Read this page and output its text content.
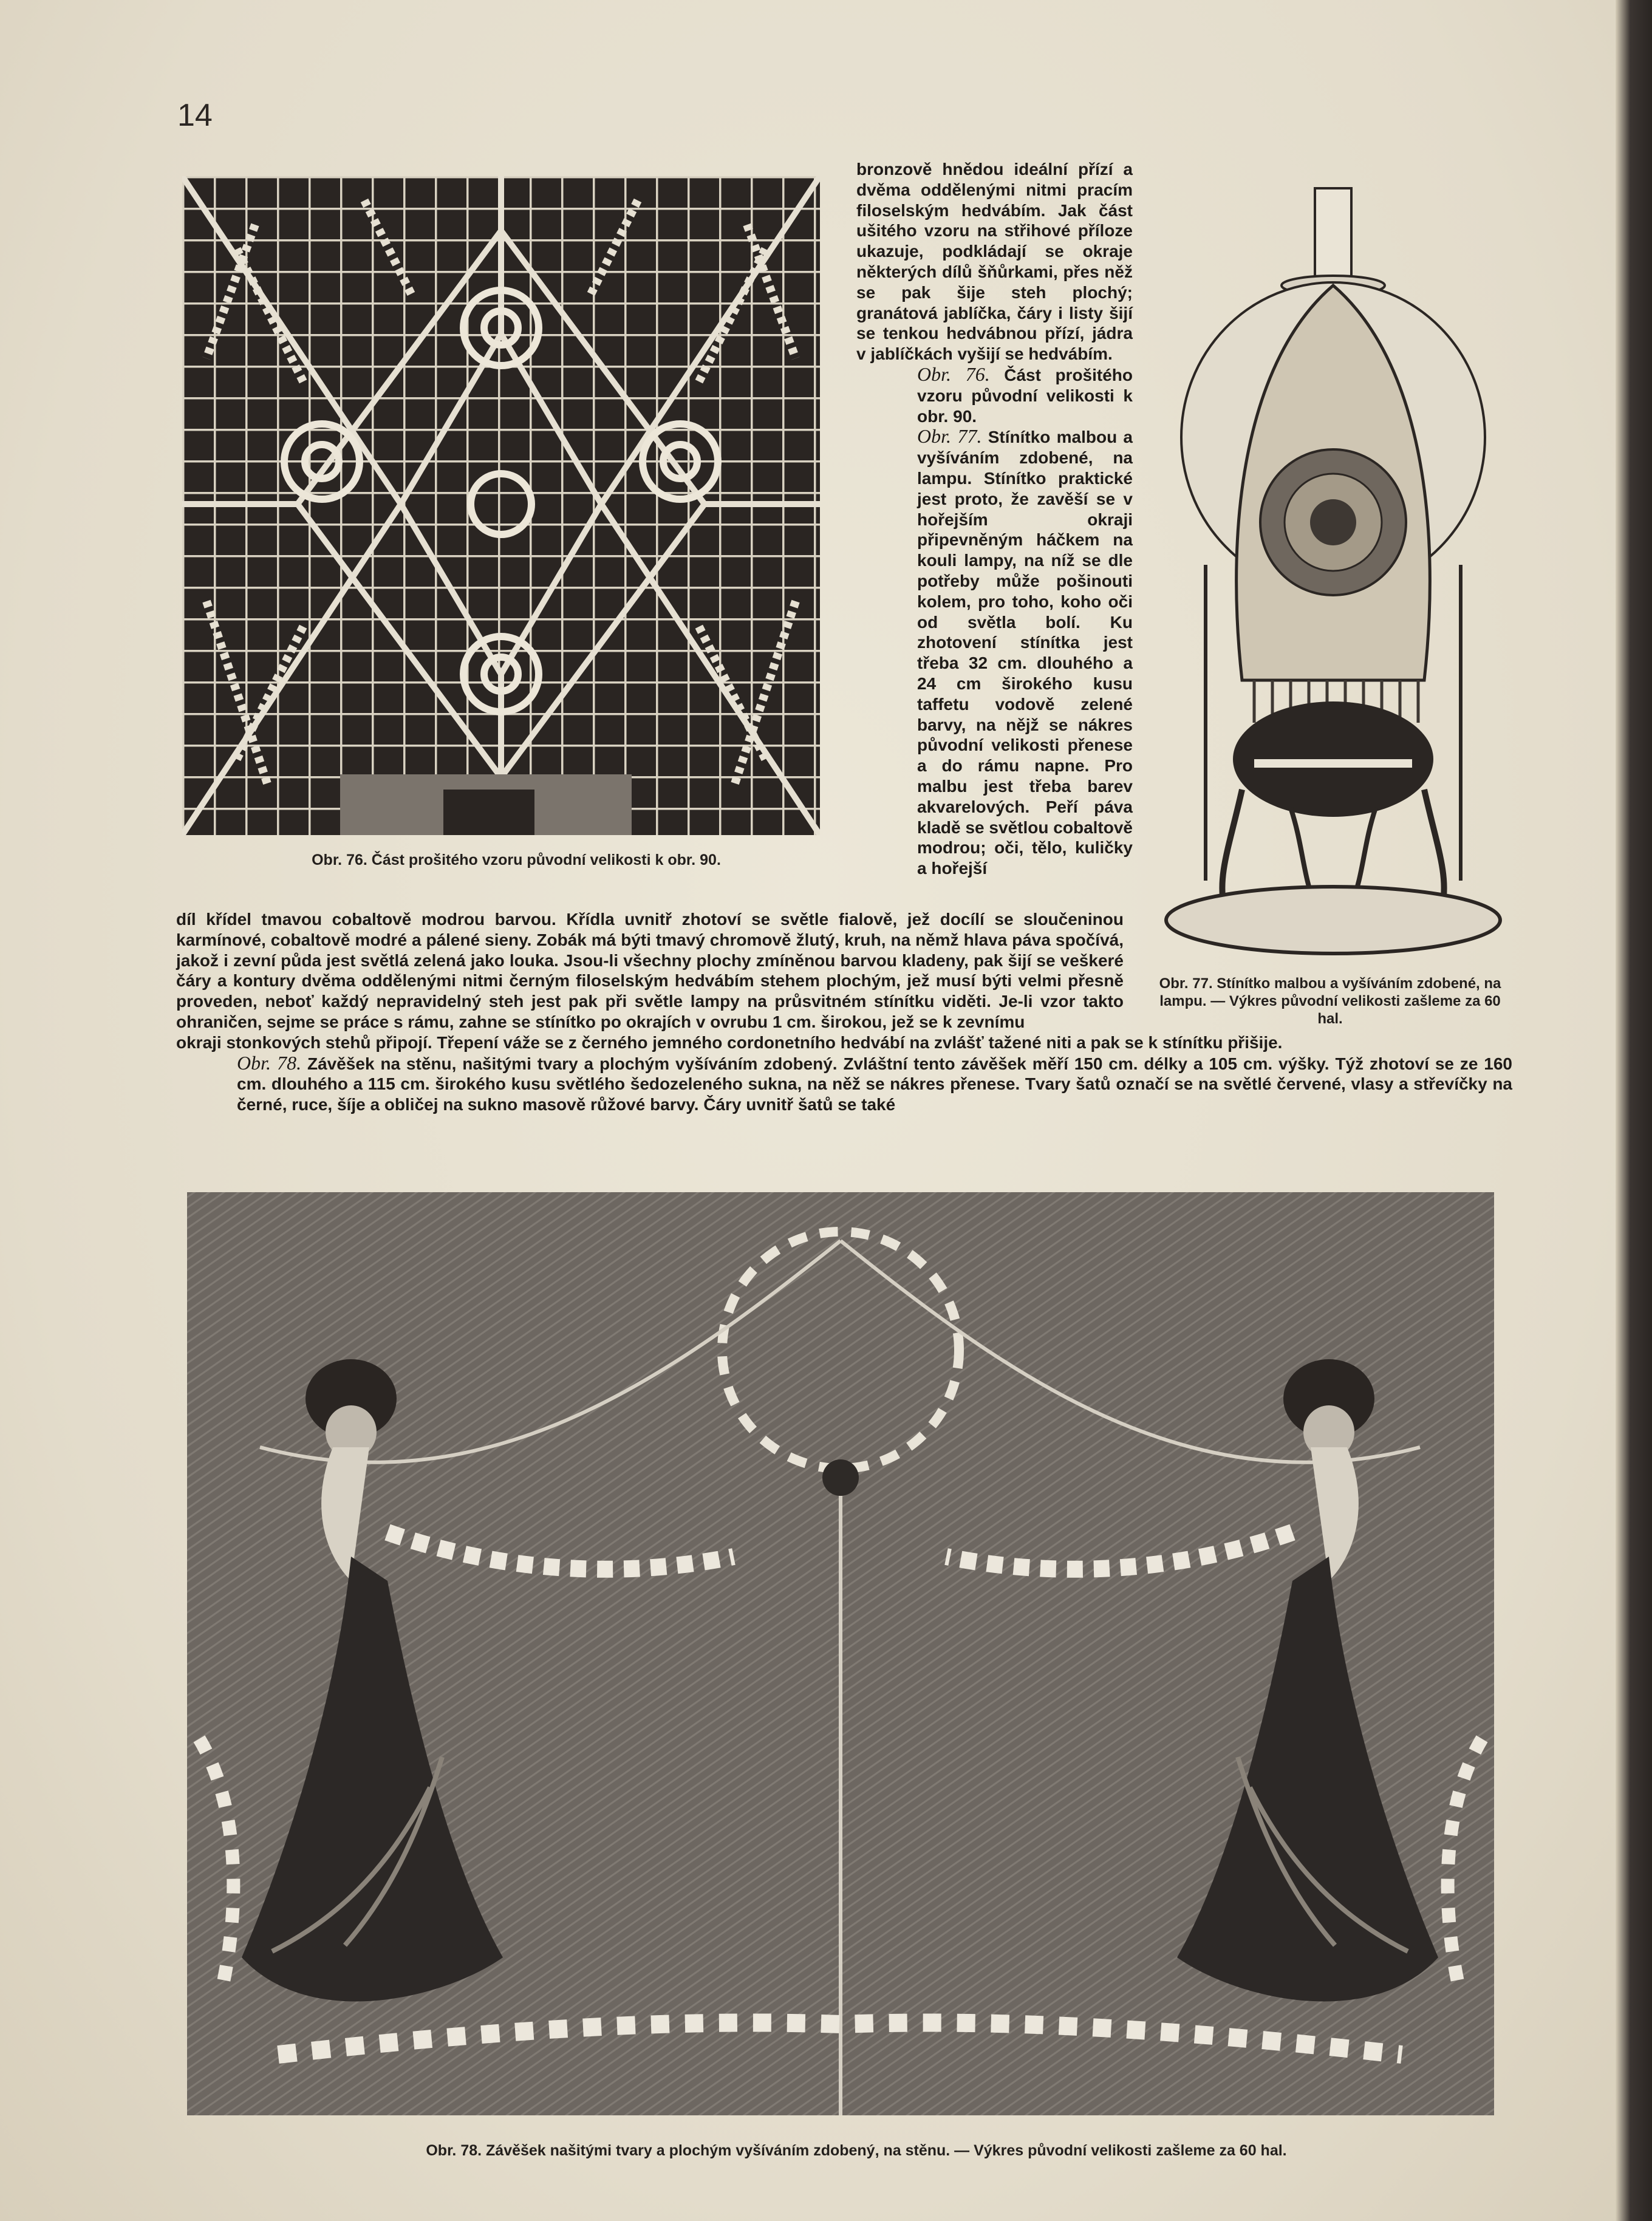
14
Obr. 76. Část prošitého vzoru původní velikosti k obr. 90.

bronzově hnědou ideální přízí a dvěma oddělenými nitmi pracím filoselským hedvábím. Jak část ušitého vzoru na střihové příloze ukazuje, podkládají se okraje některých dílů šňůrkami, přes něž se pak šije steh plochý; granátová jablíčka, čáry i listy šijí se tenkou hedvábnou přízí, jádra v jablíčkách vyšijí se hedvábím.

Obr. 76. Část prošitého vzoru původní velikosti k obr. 90.

Obr. 77. Stínítko malbou a vyšíváním zdobené, na lampu. Stínítko praktické jest proto, že zavěší se v hořejším okraji připevněným háčkem na kouli lampy, na níž se dle potřeby může pošinouti kolem, pro toho, koho oči od světla bolí. Ku zhotovení stínítka jest třeba 32 cm. dlouhého a 24 cm širokého kusu taffetu vodově zelené barvy, na nějž se nákres původní velikosti přenese a do rámu napne. Pro malbu jest třeba barev akvarelových. Peří páva kladě se světlou cobaltově modrou; oči, tělo, kuličky a hořejší

Obr. 77. Stínítko malbou a vyšíváním zdobené, na lampu. — Výkres původní velikosti zašleme za 60 hal.

díl křídel tmavou cobaltově modrou barvou. Křídla uvnitř zhotoví se světle fialově, jež docílí se sloučeninou karmínové, cobaltově modré a pálené sieny. Zobák má býti tmavý chromově žlutý, kruh, na němž hlava páva spočívá, jakož i zevní půda jest světlá zelená jako louka. Jsou-li všechny plochy zmíněnou barvou kladeny, pak šijí se veškeré čáry a kontury dvěma oddělenými nitmi černým filoselským hedvábím stehem plochým, jež musí býti velmi přesně proveden, neboť každý nepravidelný steh jest pak při světle lampy na průsvitném stínítku viděti. Je-li vzor takto ohraničen, sejme se práce s rámu, zahne se stínítko po okrajích v ovrubu 1 cm. širokou, jež se k zevnímu

okraji stonkových stehů připojí. Třepení váže se z černého jemného cordonetního hedvábí na zvlášť tažené niti a pak se k stínítku přišije.

Obr. 78. Závěšek na stěnu, našitými tvary a plochým vyšíváním zdobený. Zvláštní tento závěšek měří 150 cm. délky a 105 cm. výšky. Týž zhotoví se ze 160 cm. dlouhého a 115 cm. širokého kusu světlého šedozeleného sukna, na něž se nákres přenese. Tvary šatů označí se na světlé červené, vlasy a střevíčky na černé, ruce, šíje a obličej na sukno masově růžové barvy. Čáry uvnitř šatů se také

Obr. 78. Závěšek našitými tvary a plochým vyšíváním zdobený, na stěnu. — Výkres původní velikosti zašleme za 60 hal.
